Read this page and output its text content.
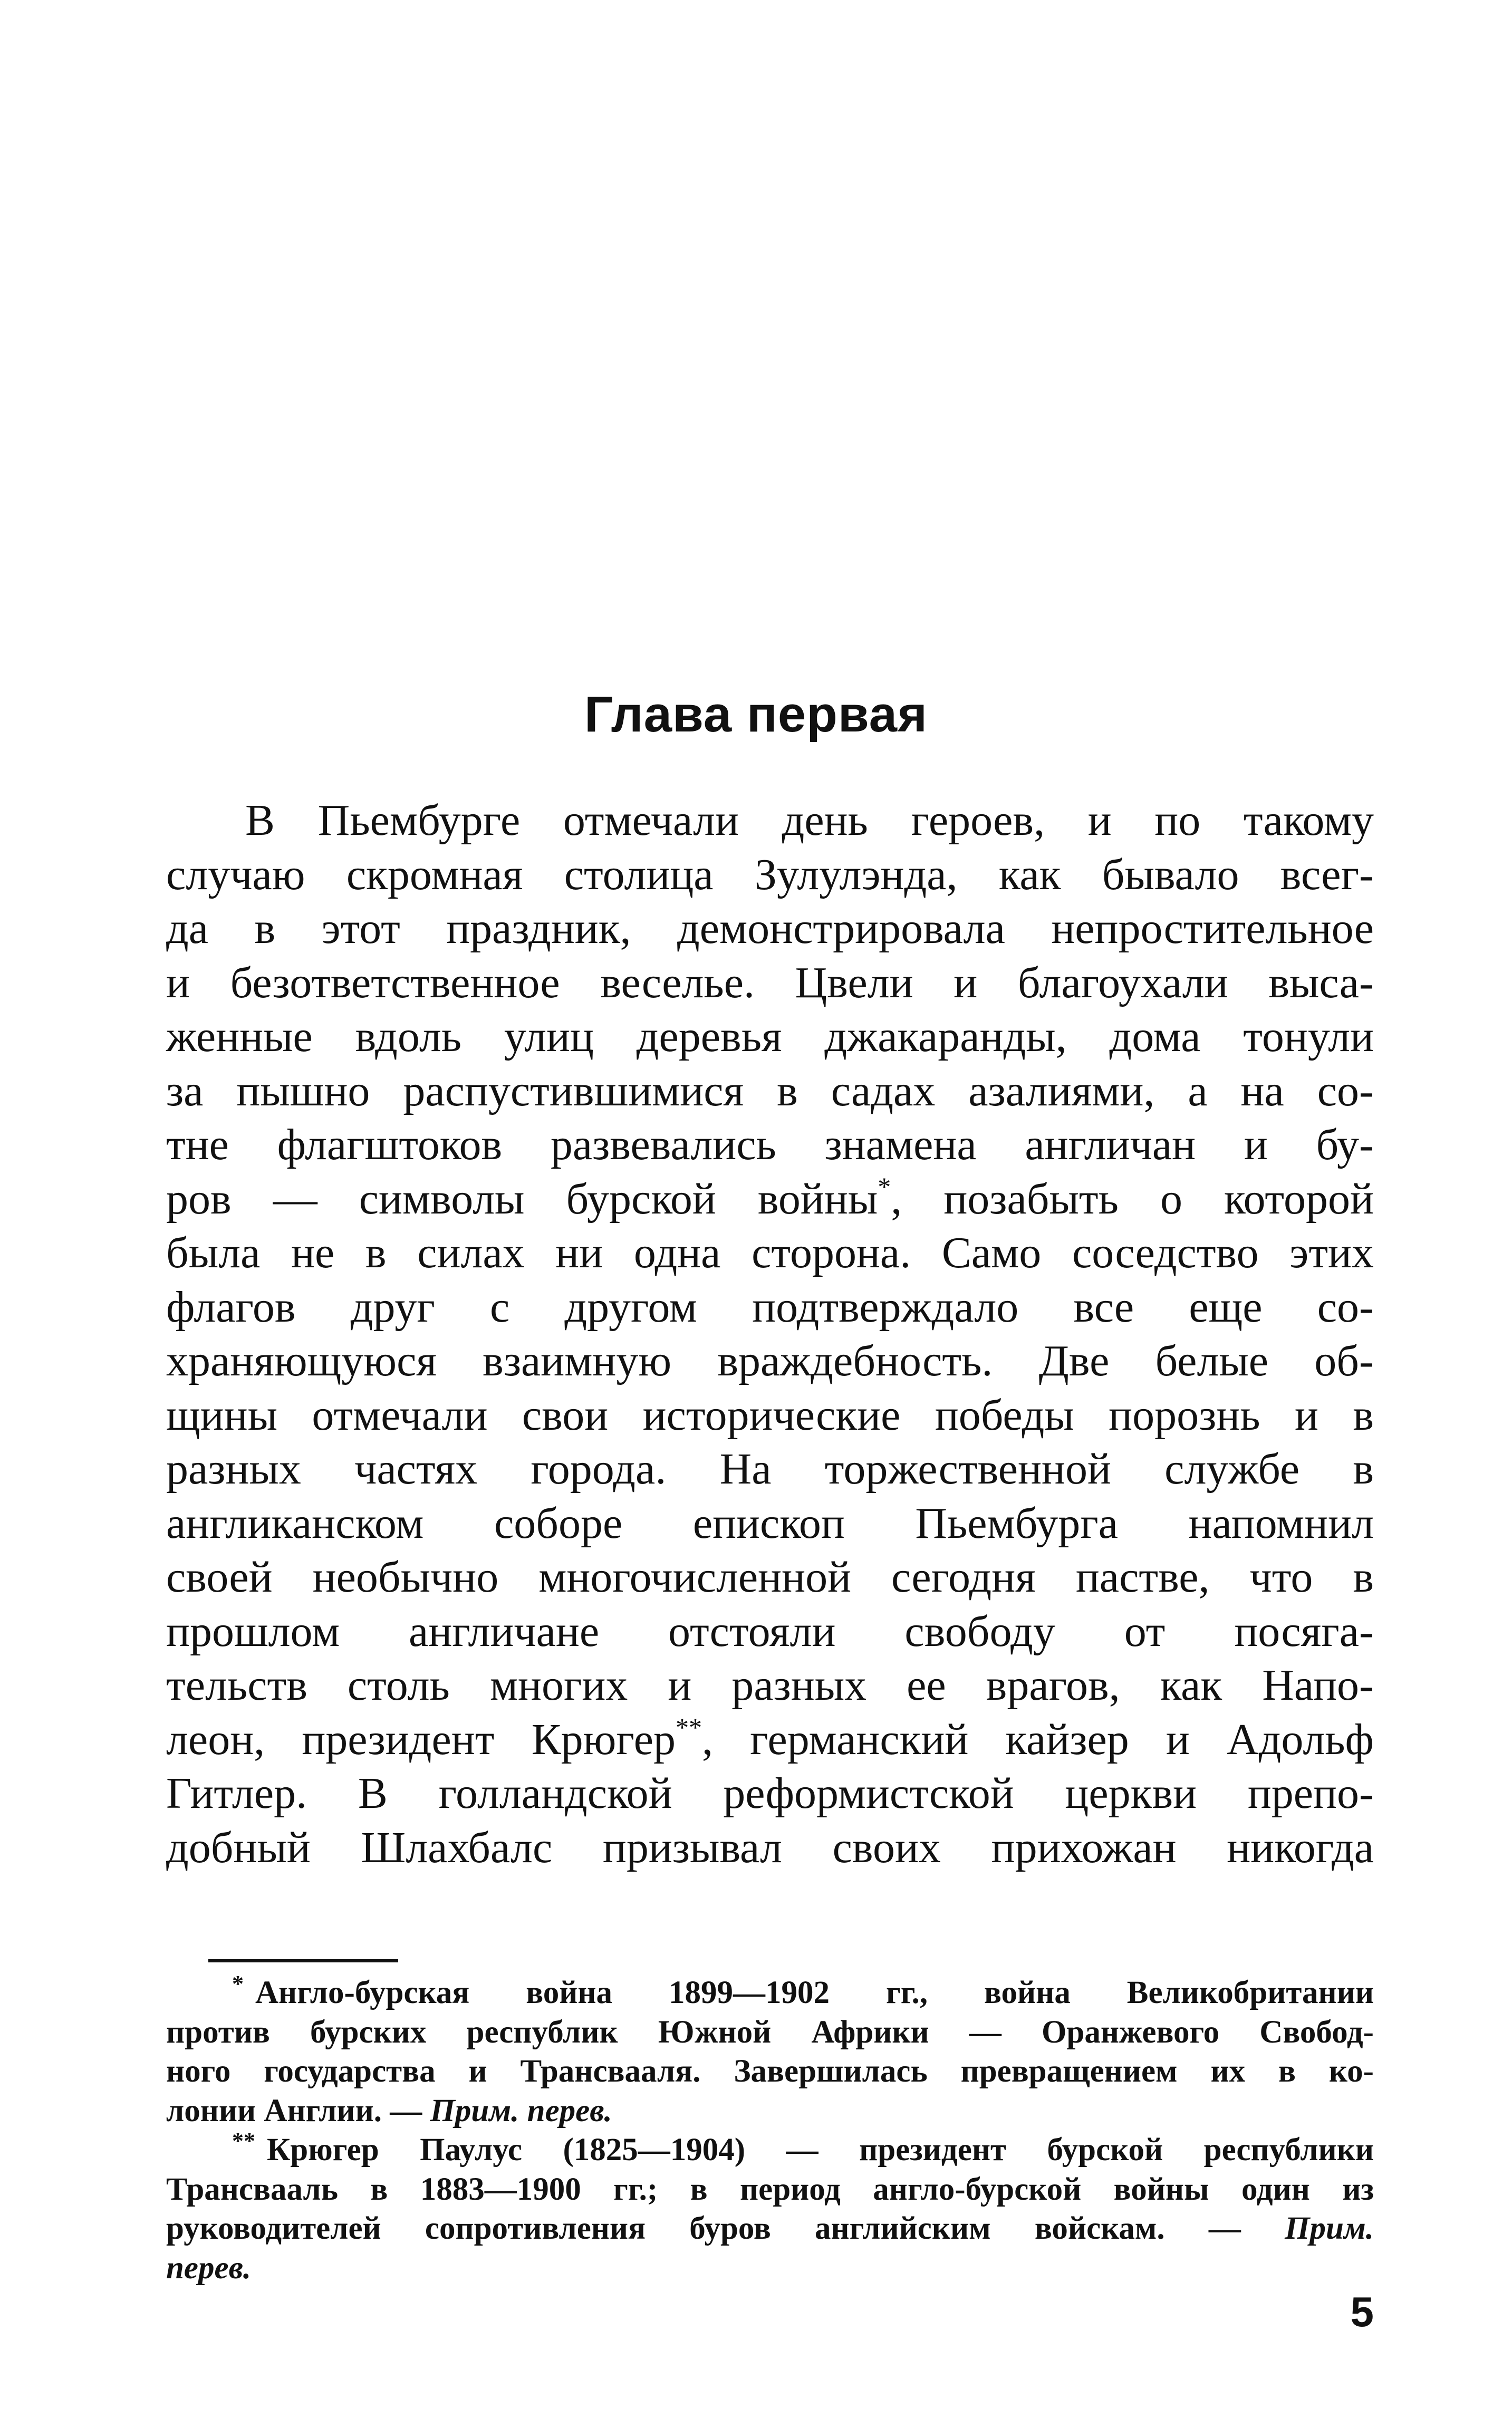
Глава первая
В Пьембурге отмечали день героев, и по такому
случаю скромная столица Зулулэнда, как бывало всег-
да в этот праздник, демонстрировала непростительное
и безответственное веселье. Цвели и благоухали выса-
женные вдоль улиц деревья джакаранды, дома тонули
за пышно распустившимися в садах азалиями, а на со-
тне флагштоков развевались знамена англичан и бу-
ров — символы бурской войны*, позабыть о которой
была не в силах ни одна сторона. Само соседство этих
флагов друг с другом подтверждало все еще со-
храняющуюся взаимную враждебность. Две белые об-
щины отмечали свои исторические победы порознь и в
разных частях города. На торжественной службе в
англиканском соборе епископ Пьембурга напомнил
своей необычно многочисленной сегодня пастве, что в
прошлом англичане отстояли свободу от посяга-
тельств столь многих и разных ее врагов, как Напо-
леон, президент Крюгер**, германский кайзер и Адольф
Гитлер. В голландской реформистской церкви препо-
добный Шлахбалс призывал своих прихожан никогда
* Англо-бурская война 1899—1902 гг., война Великобритании
против бурских республик Южной Африки — Оранжевого Свобод-
ного государства и Трансвааля. Завершилась превращением их в ко-
лонии Англии. — Прим. перев.
** Крюгер Паулус (1825—1904) — президент бурской республики
Трансвааль в 1883—1900 гг.; в период англо-бурской войны один из
руководителей сопротивления буров английским войскам. — Прим.
перев.
5
